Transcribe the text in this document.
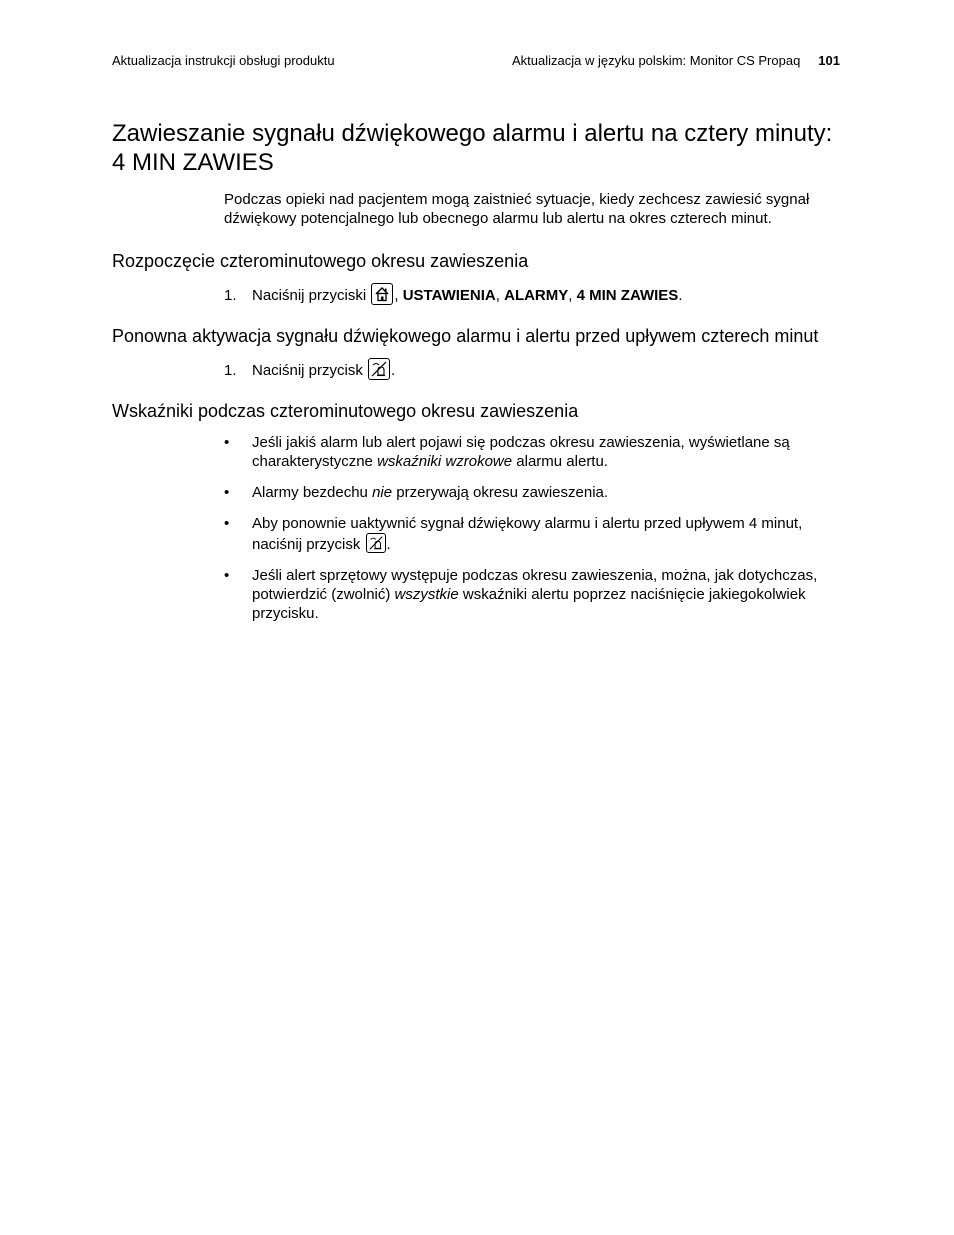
Aktualizacja instrukcji obsługi produktu	Aktualizacja w języku polskim: Monitor CS Propaq 101
Zawieszanie sygnału dźwiękowego alarmu i alertu na cztery minuty: 4 MIN ZAWIES

Podczas opieki nad pacjentem mogą zaistnieć sytuacje, kiedy zechcesz zawiesić sygnał dźwiękowy potencjalnego lub obecnego alarmu lub alertu na okres czterech minut.

Rozpoczęcie czterominutowego okresu zawieszenia
1. Naciśnij przyciski , USTAWIENIA, ALARMY, 4 MIN ZAWIES.
Ponowna aktywacja sygnału dźwiękowego alarmu i alertu przed upływem czterech minut
1. Naciśnij przycisk .
Wskaźniki podczas czterominutowego okresu zawieszenia
• Jeśli jakiś alarm lub alert pojawi się podczas okresu zawieszenia, wyświetlane są charakterystyczne wskaźniki wzrokowe alarmu alertu.
• Alarmy bezdechu nie przerywają okresu zawieszenia.
• Aby ponownie uaktywnić sygnał dźwiękowy alarmu i alertu przed upływem 4 minut, naciśnij przycisk .
• Jeśli alert sprzętowy występuje podczas okresu zawieszenia, można, jak dotychczas, potwierdzić (zwolnić) wszystkie wskaźniki alertu poprzez naciśnięcie jakiegokolwiek przycisku.
